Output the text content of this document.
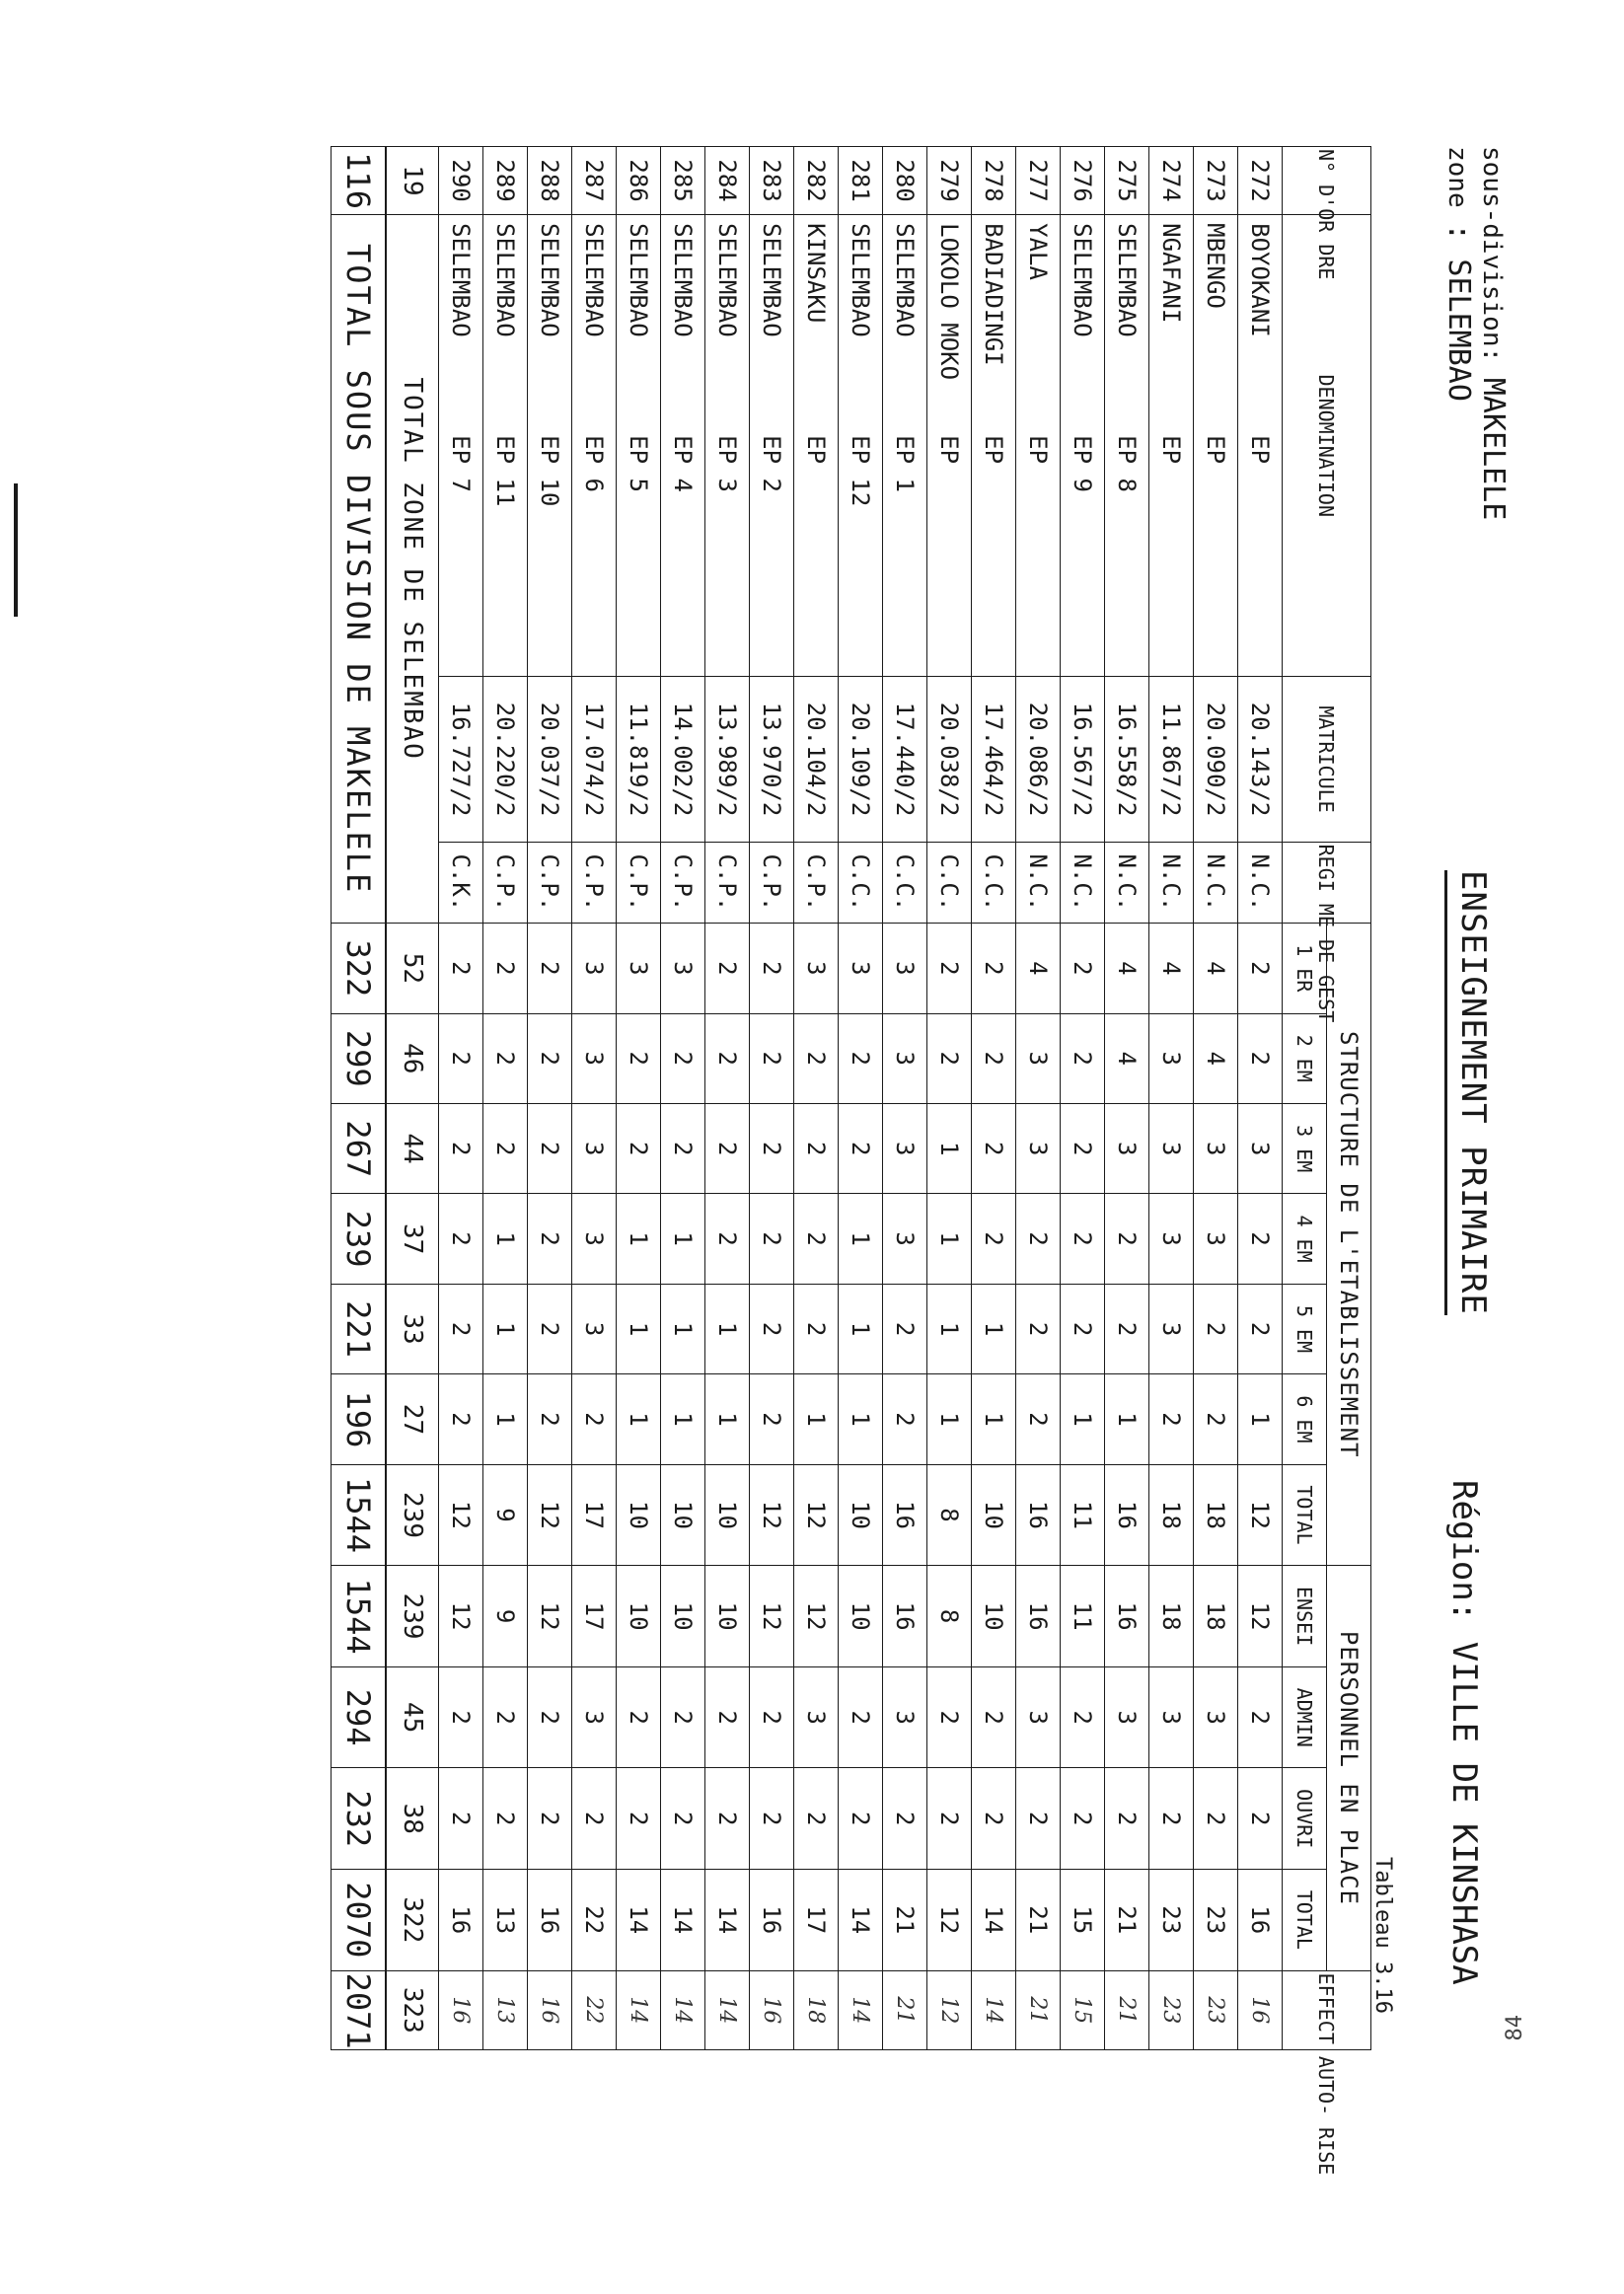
sous-division: MAKELELE
zone : SELEMBAO
ENSEIGNEMENT PRIMAIRE
Région: VILLE DE KINSHASA
Tableau 3.16
84
N° D'OR DRE	DENOMINATION	MATRICULE	REGI ME DE GEST	STRUCTURE DE L'ETABLISSEMENT							PERSONNEL EN PLACE				EFFECT AUTO- RISE
				1 ER	2 EM	3 EM	4 EM	5 EM	6 EM	TOTAL	ENSEI	ADMIN	OUVRI	TOTAL	
272	BOYOKANIEP	20.143/2	N.C.	2	2	3	2	2	1	12	12	2	2	16	16
273	MBENGOEP	20.090/2	N.C.	4	4	3	3	2	2	18	18	3	2	23	23
274	NGAFANIEP	11.867/2	N.C.	4	3	3	3	3	2	18	18	3	2	23	23
275	SELEMBAOEP 8	16.558/2	N.C.	4	4	3	2	2	1	16	16	3	2	21	21
276	SELEMBAOEP 9	16.567/2	N.C.	2	2	2	2	2	1	11	11	2	2	15	15
277	YALAEP	20.086/2	N.C.	4	3	3	2	2	2	16	16	3	2	21	21
278	BADIADINGIEP	17.464/2	C.C.	2	2	2	2	1	1	10	10	2	2	14	14
279	LOKOLO MOKOEP	20.038/2	C.C.	2	2	1	1	1	1	8	8	2	2	12	12
280	SELEMBAOEP 1	17.440/2	C.C.	3	3	3	3	2	2	16	16	3	2	21	21
281	SELEMBAOEP 12	20.109/2	C.C.	3	2	2	1	1	1	10	10	2	2	14	14
282	KINSAKUEP	20.104/2	C.P.	3	2	2	2	2	1	12	12	3	2	17	18
283	SELEMBAOEP 2	13.970/2	C.P.	2	2	2	2	2	2	12	12	2	2	16	16
284	SELEMBAOEP 3	13.989/2	C.P.	2	2	2	2	1	1	10	10	2	2	14	14
285	SELEMBAOEP 4	14.002/2	C.P.	3	2	2	1	1	1	10	10	2	2	14	14
286	SELEMBAOEP 5	11.819/2	C.P.	3	2	2	1	1	1	10	10	2	2	14	14
287	SELEMBAOEP 6	17.074/2	C.P.	3	3	3	3	3	2	17	17	3	2	22	22
288	SELEMBAOEP 10	20.037/2	C.P.	2	2	2	2	2	2	12	12	2	2	16	16
289	SELEMBAOEP 11	20.220/2	C.P.	2	2	2	1	1	1	9	9	2	2	13	13
290	SELEMBAOEP 7	16.727/2	C.K.	2	2	2	2	2	2	12	12	2	2	16	16
19	TOTAL ZONE DE SELEMBAO			52	46	44	37	33	27	239	239	45	38	322	323
116	TOTAL SOUS DIVISION DE MAKELELE			322	299	267	239	221	196	1544	1544	294	232	2070	2071
